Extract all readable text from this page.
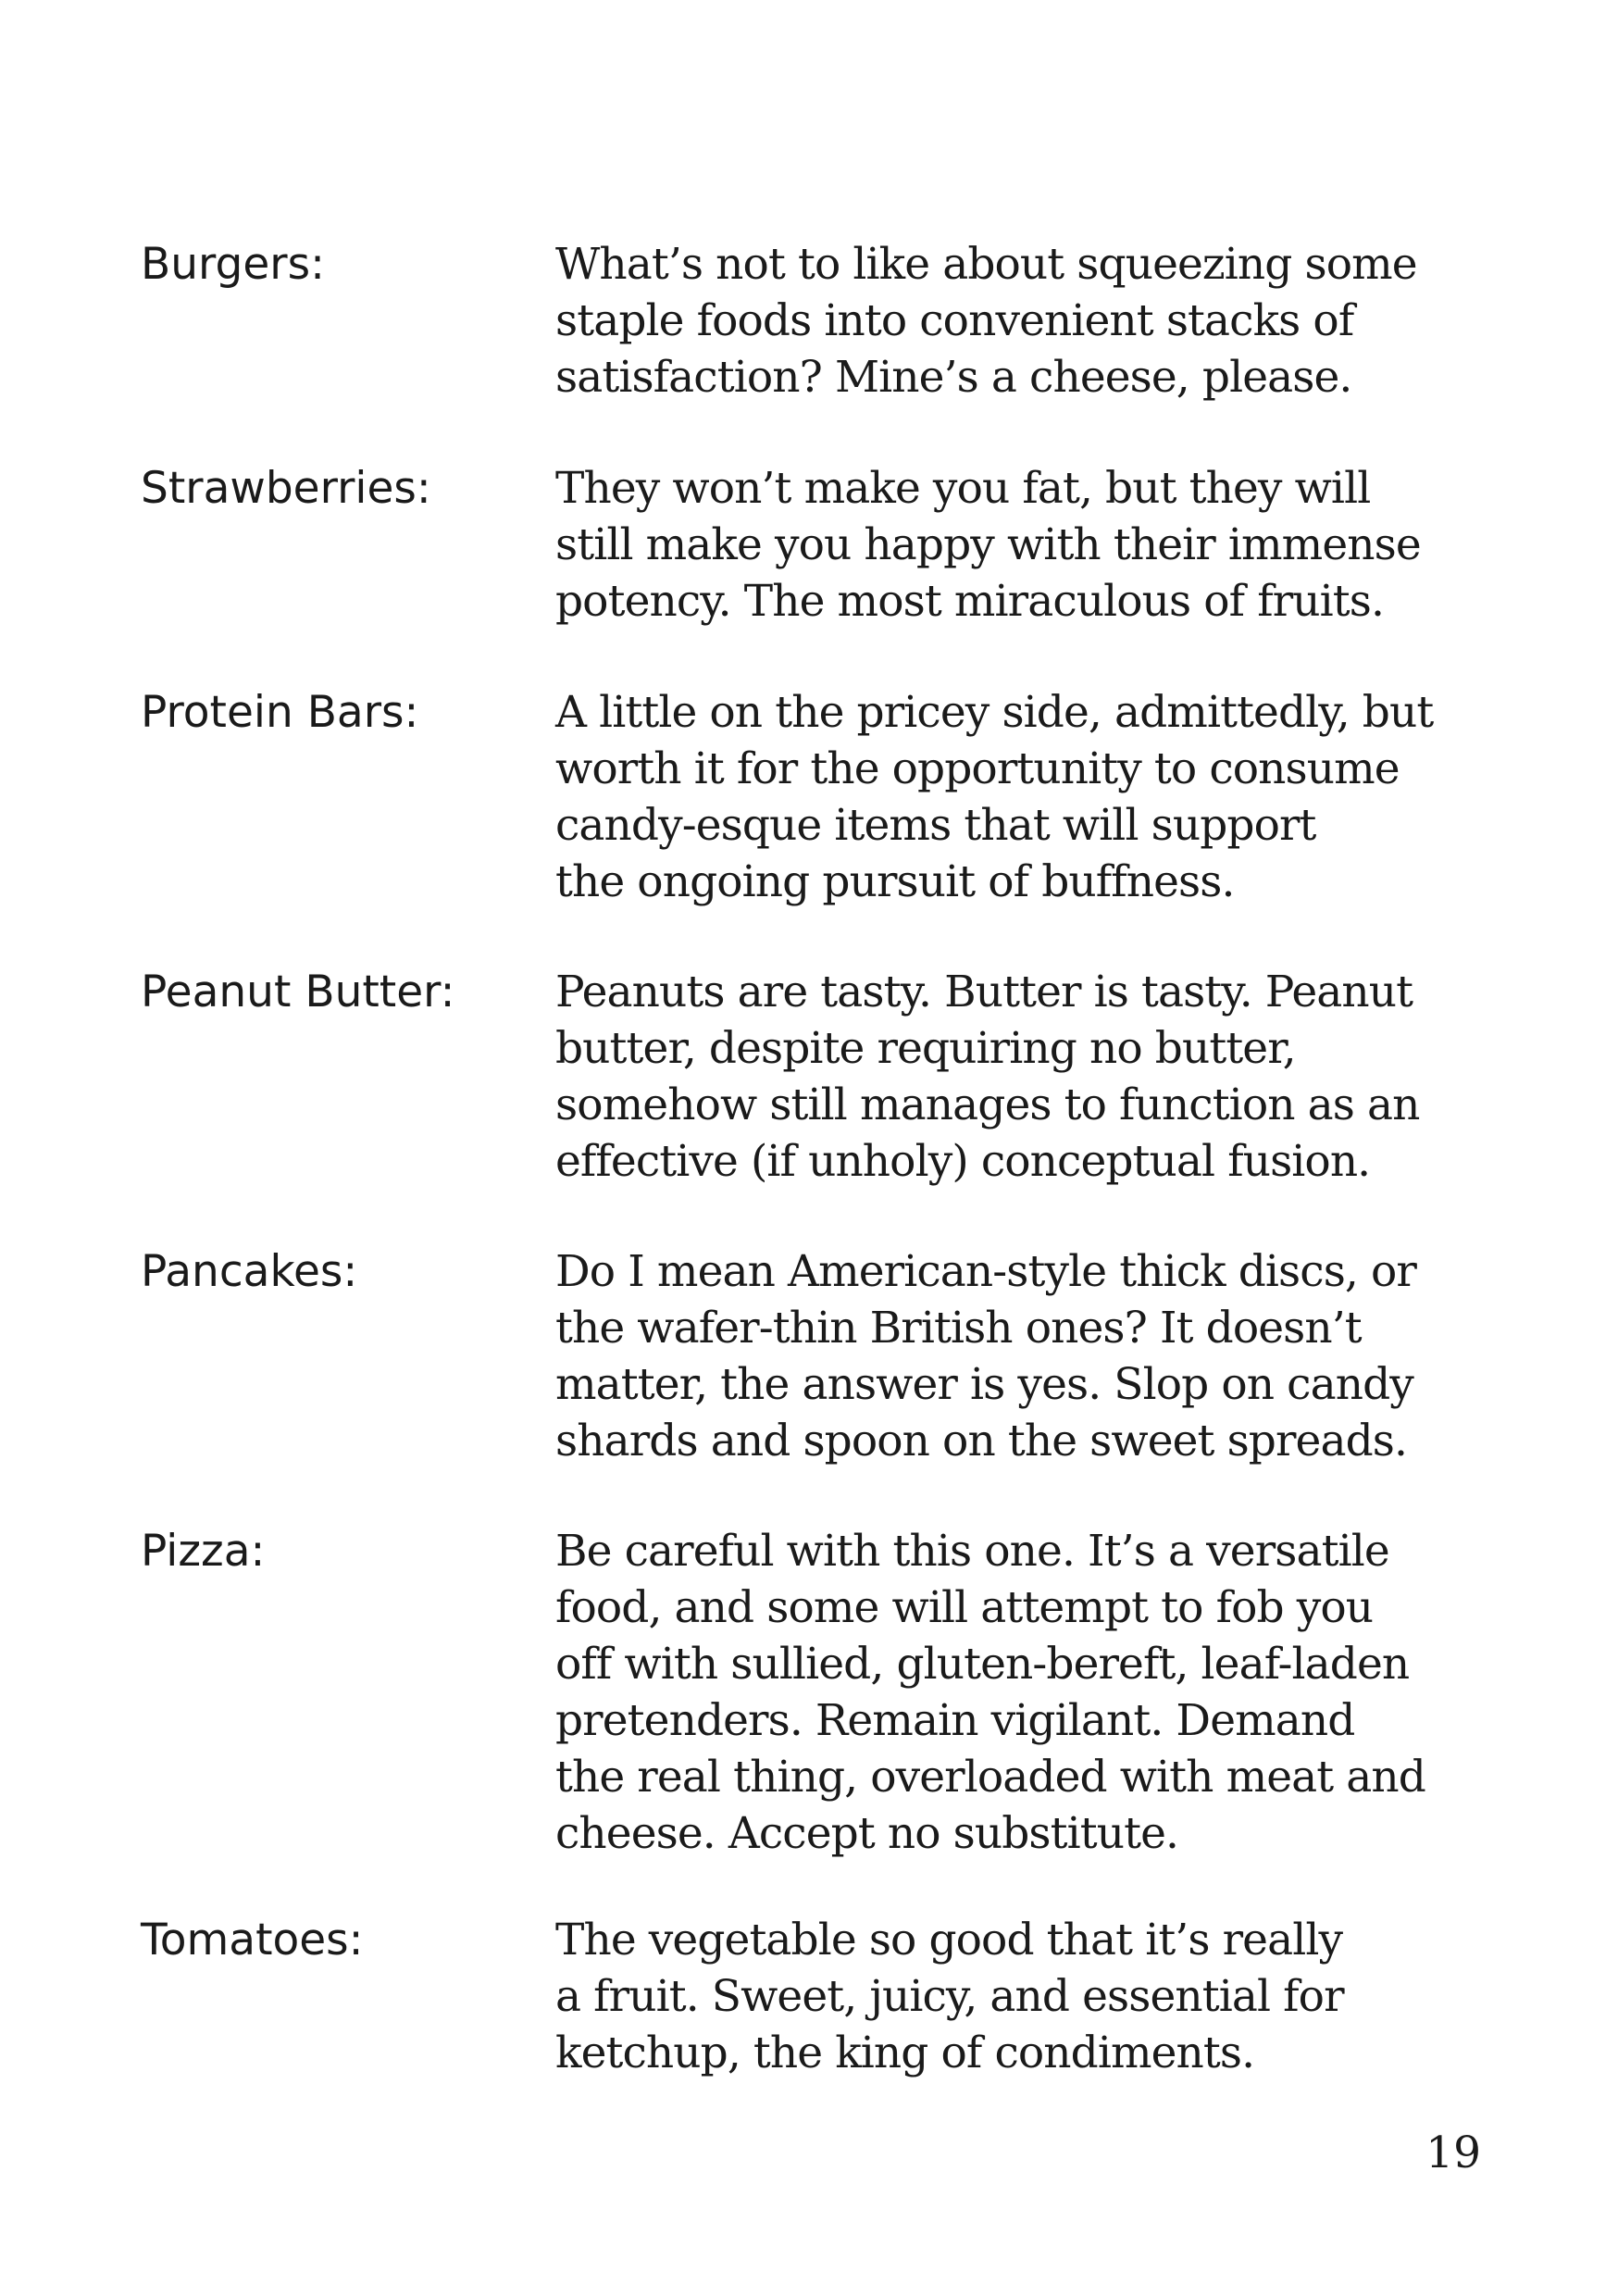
Burgers:	What’s not to like about squeezing some
staple foods into convenient stacks of
satisfaction? Mine’s a cheese, please.
Strawberries:	They won’t make you fat, but they will
still make you happy with their immense
potency. The most miraculous of fruits.
Protein Bars:	A little on the pricey side, admittedly, but
worth it for the opportunity to consume
candy-esque items that will support
the ongoing pursuit of buffness.
Peanut Butter:	Peanuts are tasty. Butter is tasty. Peanut
butter, despite requiring no butter,
somehow still manages to function as an
effective (if unholy) conceptual fusion.
Pancakes:	Do I mean American-style thick discs, or
the wafer-thin British ones? It doesn’t
matter, the answer is yes. Slop on candy
shards and spoon on the sweet spreads.
Pizza:	Be careful with this one. It’s a versatile
food, and some will attempt to fob you
off with sullied, gluten-bereft, leaf-laden
pretenders. Remain vigilant. Demand
the real thing, overloaded with meat and
cheese. Accept no substitute.
Tomatoes:	The vegetable so good that it’s really
a fruit. Sweet, juicy, and essential for
ketchup, the king of condiments.
19
